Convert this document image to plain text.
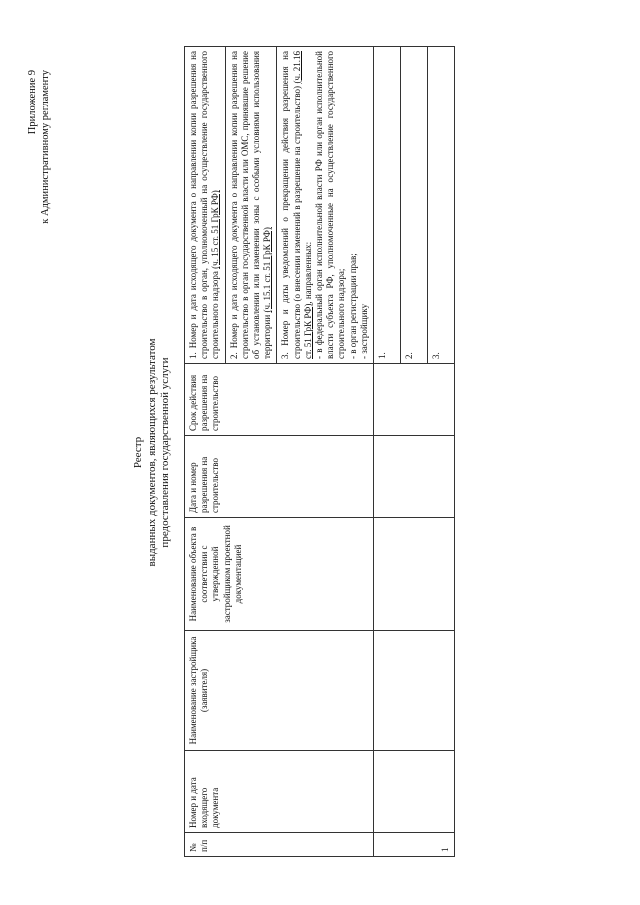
Приложение 9 к Административному регламенту
Реестр выданных документов, являющихся результатом предоставления государственной услуги
№ п/п	Номер и дата входящего документа	Наименование застройщика (заявителя)	Наименование объекта в соответствии с утвержденной застройщиком проектной документацией	Дата и номер разрешения на строительство	Срок действия разрешения на строительство	1. Номер и дата исходящего документа о направлении копии разрешения на строительство в орган, уполномоченный на осуществление государственного строительного надзора (ч. 15 ст. 51 ГрК РФ)
						2. Номер и дата исходящего документа о направлении копии разрешения на строительство в орган государственной власти или ОМС, принявшие решение об установлении или изменении зоны с особыми условиями использования территории (ч. 15.1 ст. 51 ГрК РФ)
						3. Номер и даты уведомлений о прекращении действия разрешения на строительство (о внесении изменений в разрешение на строительство) (ч. 21.16 ст. 51 ГрК РФ), направленных:
- в федеральный орган исполнительной власти РФ или орган исполнительной власти субъекта РФ, уполномоченные на осуществление государственного строительного надзора;
- в орган регистрации прав;
- застройщику
1						1.
						2.
						3.
